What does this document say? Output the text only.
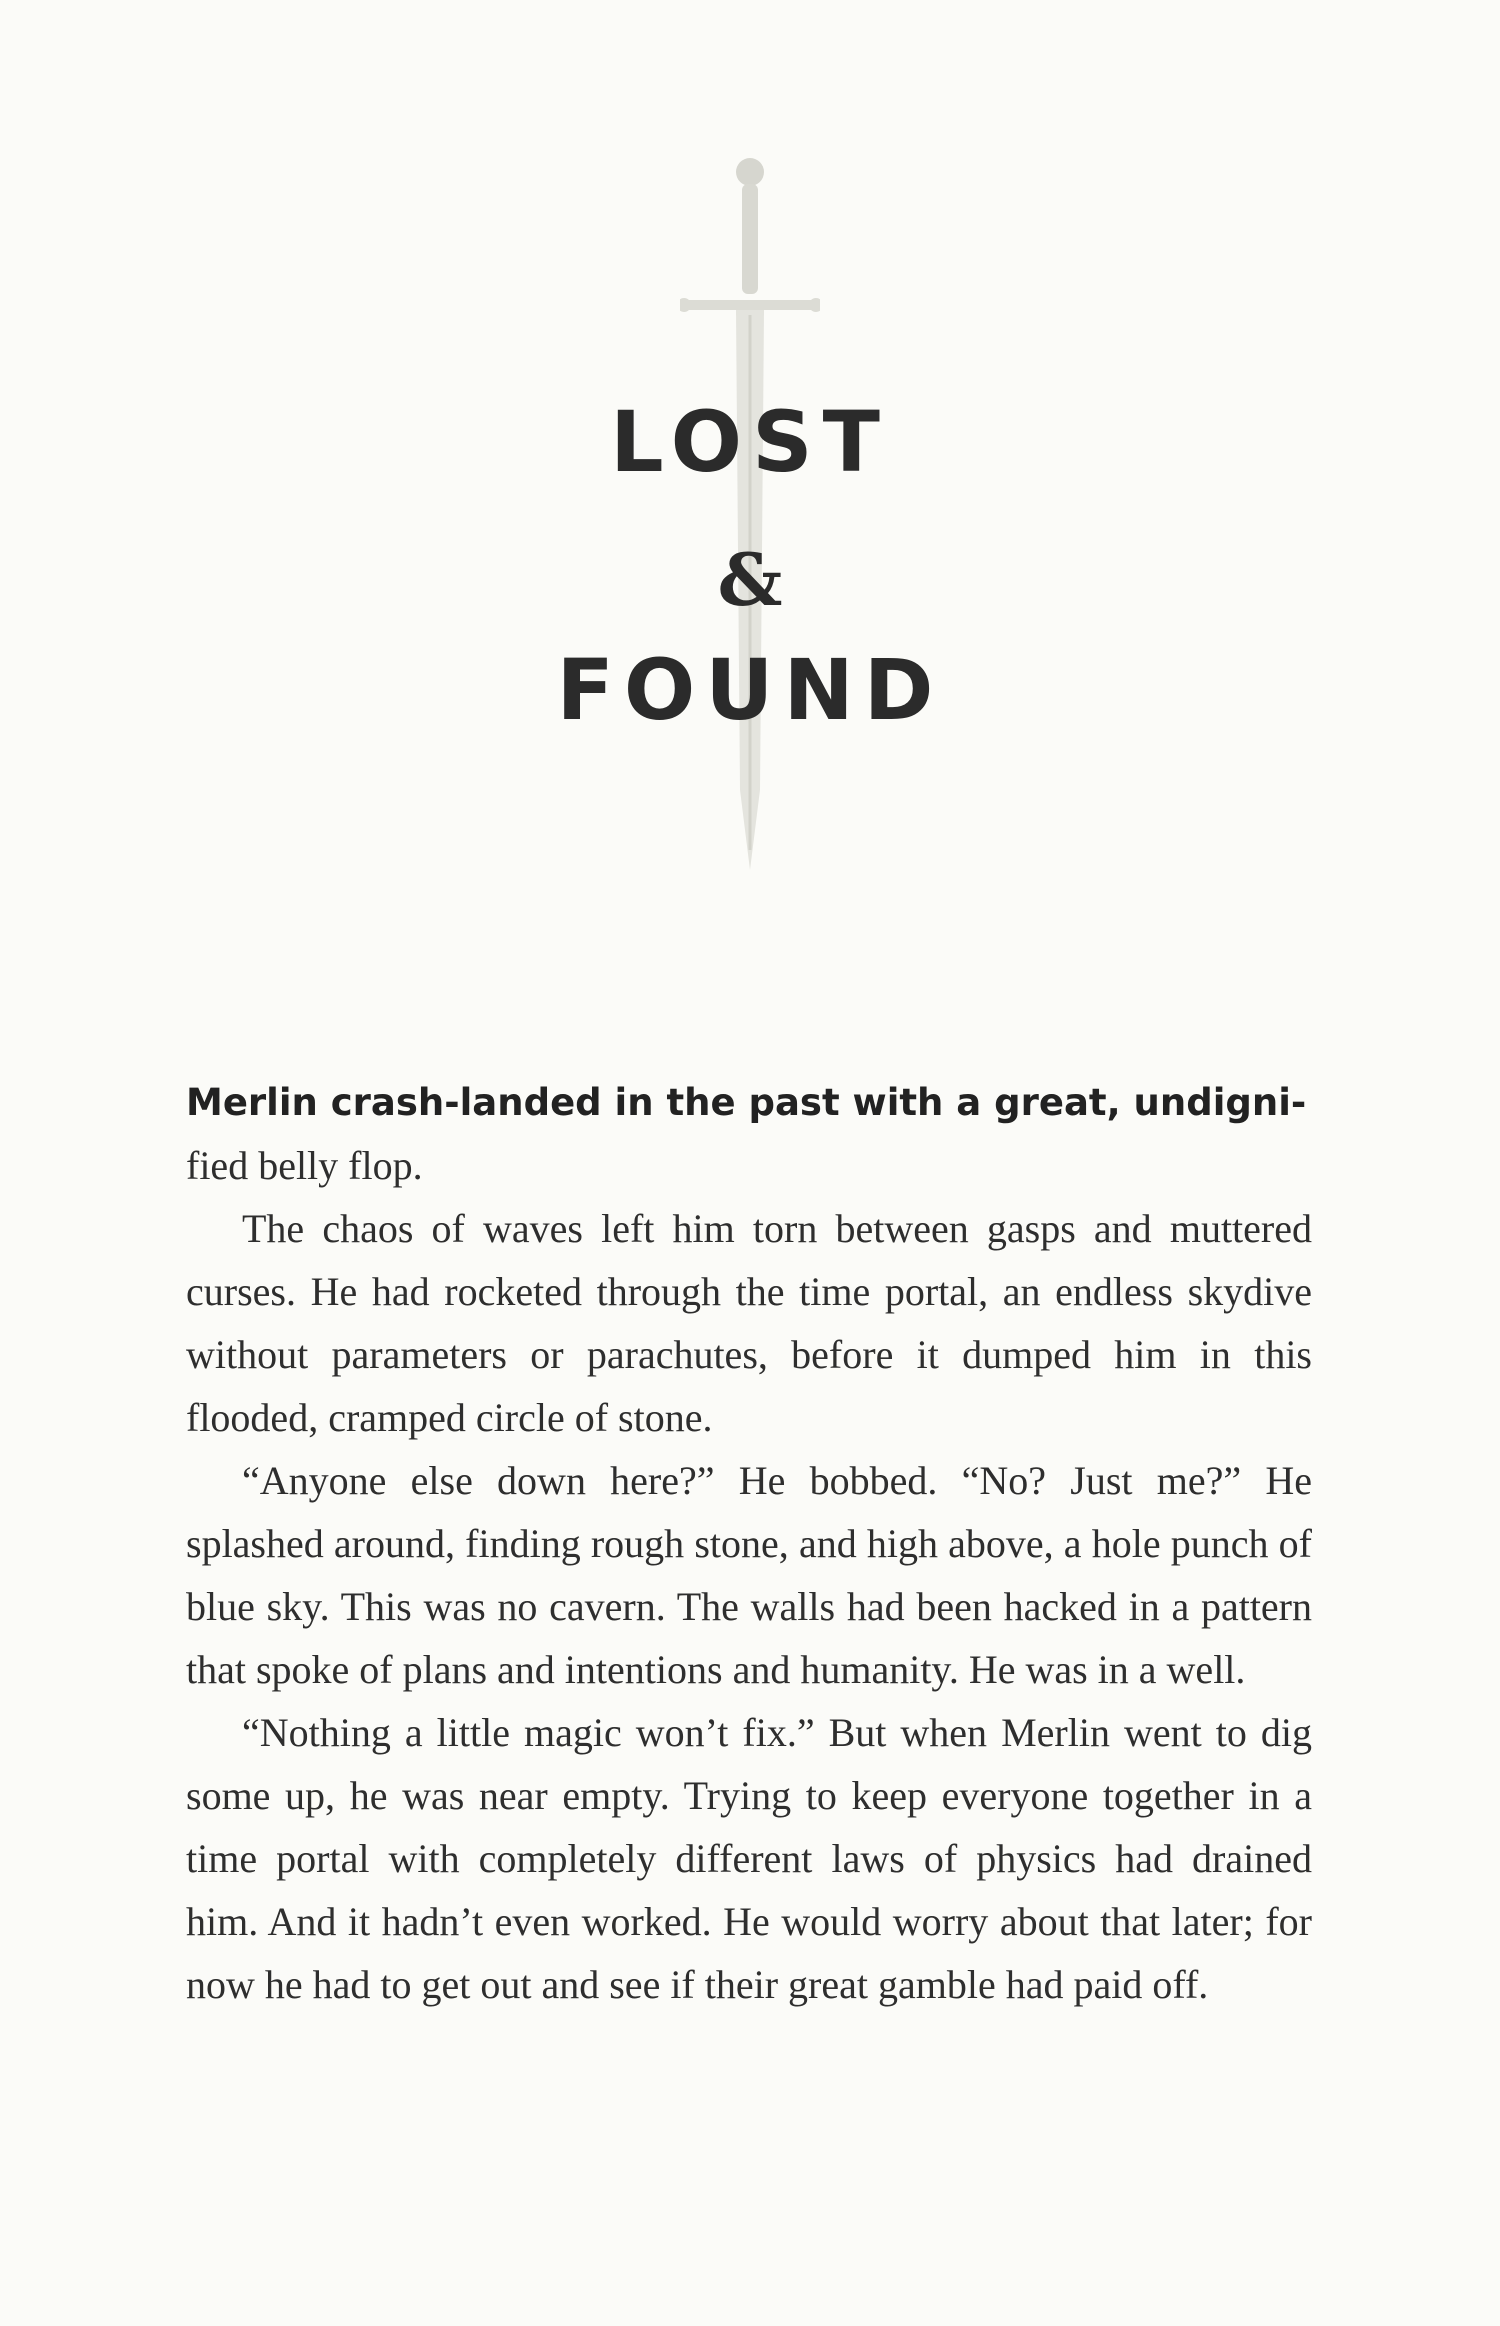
LOST
&
FOUND

Merlin crash-landed in the past with a great, undigni-
fied belly flop.

The chaos of waves left him torn between gasps and muttered curses. He had rocketed through the time portal, an endless skydive without parameters or parachutes, before it dumped him in this flooded, cramped circle of stone.

“Anyone else down here?” He bobbed. “No? Just me?” He splashed around, finding rough stone, and high above, a hole punch of blue sky. This was no cavern. The walls had been hacked in a pattern that spoke of plans and intentions and humanity. He was in a well.

“Nothing a little magic won’t fix.” But when Merlin went to dig some up, he was near empty. Trying to keep everyone together in a time portal with completely different laws of physics had drained him. And it hadn’t even worked. He would worry about that later; for now he had to get out and see if their great gamble had paid off.
